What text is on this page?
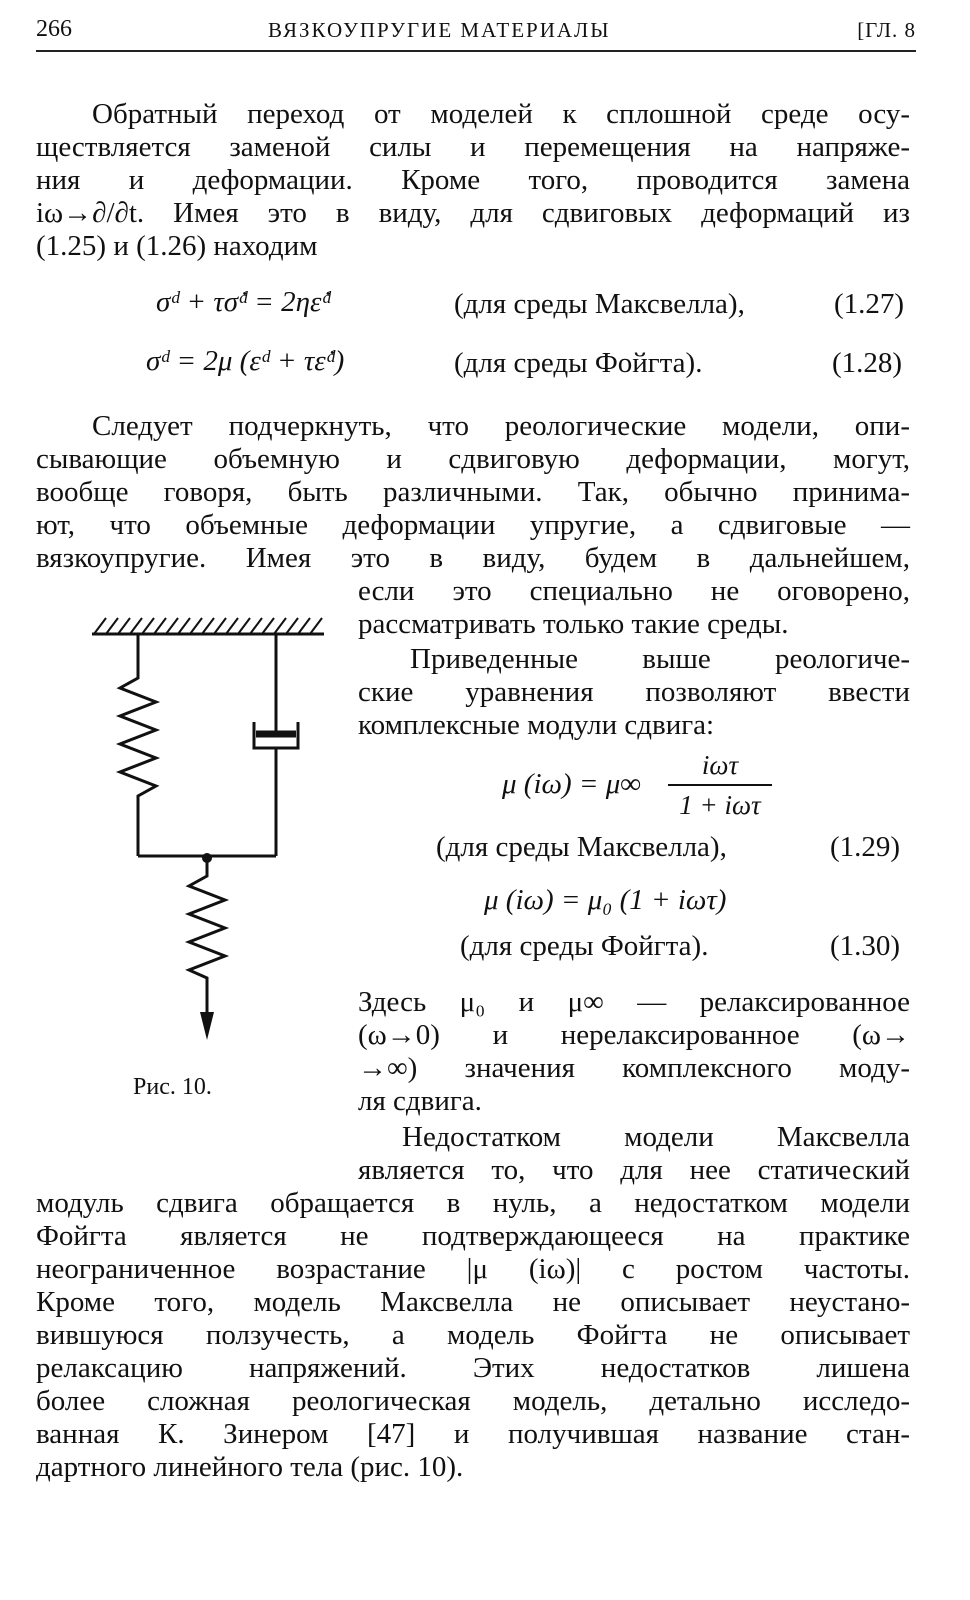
266	ВЯЗКОУПРУГИЕ МАТЕРИАЛЫ	[ГЛ. 8
Обратный переход от моделей к сплошной среде осу-
ществляется заменой силы и перемещения на напряже-
ния и деформации. Кроме того, проводится замена
iω→∂/∂t. Имея это в виду, для сдвиговых деформаций из
(1.25) и (1.26) находим
σᵈ + τσ̇ᵈ = 2ηε̇ᵈ	(для среды Максвелла),	(1.27)
σᵈ = 2μ (εᵈ + τε̇ᵈ)	(для среды Фойгта).	(1.28)
Следует подчеркнуть, что реологические модели, опи-
сывающие объемную и сдвиговую деформации, могут,
вообще говоря, быть различными. Так, обычно принима-
ют, что объемные деформации упругие, а сдвиговые —
вязкоупругие. Имея это в виду, будем в дальнейшем,
если это специально не оговорено,
рассматривать только такие среды.
Приведенные выше реологиче-
ские уравнения позволяют ввести
комплексные модули сдвига:
μ (iω) = μ∞
iωτ
1 + iωτ
(для среды Максвелла),	(1.29)
μ (iω) = μ₀ (1 + iωτ)
(для среды Фойгта).	(1.30)
Здесь μ₀ и μ∞ — релаксированное
(ω→0) и нерелаксированное (ω→
→∞) значения комплексного моду-
ля сдвига.
Недостатком модели Максвелла
является то, что для нее статический
модуль сдвига обращается в нуль, а недостатком модели
Фойгта является не подтверждающееся на практике
неограниченное возрастание |μ (iω)| с ростом частоты.
Кроме того, модель Максвелла не описывает неустано-
вившуюся ползучесть, а модель Фойгта не описывает
релаксацию напряжений. Этих недостатков лишена
более сложная реологическая модель, детально исследо-
ванная К. Зинером [47] и получившая название стан-
дартного линейного тела (рис. 10).
Рис. 10.
